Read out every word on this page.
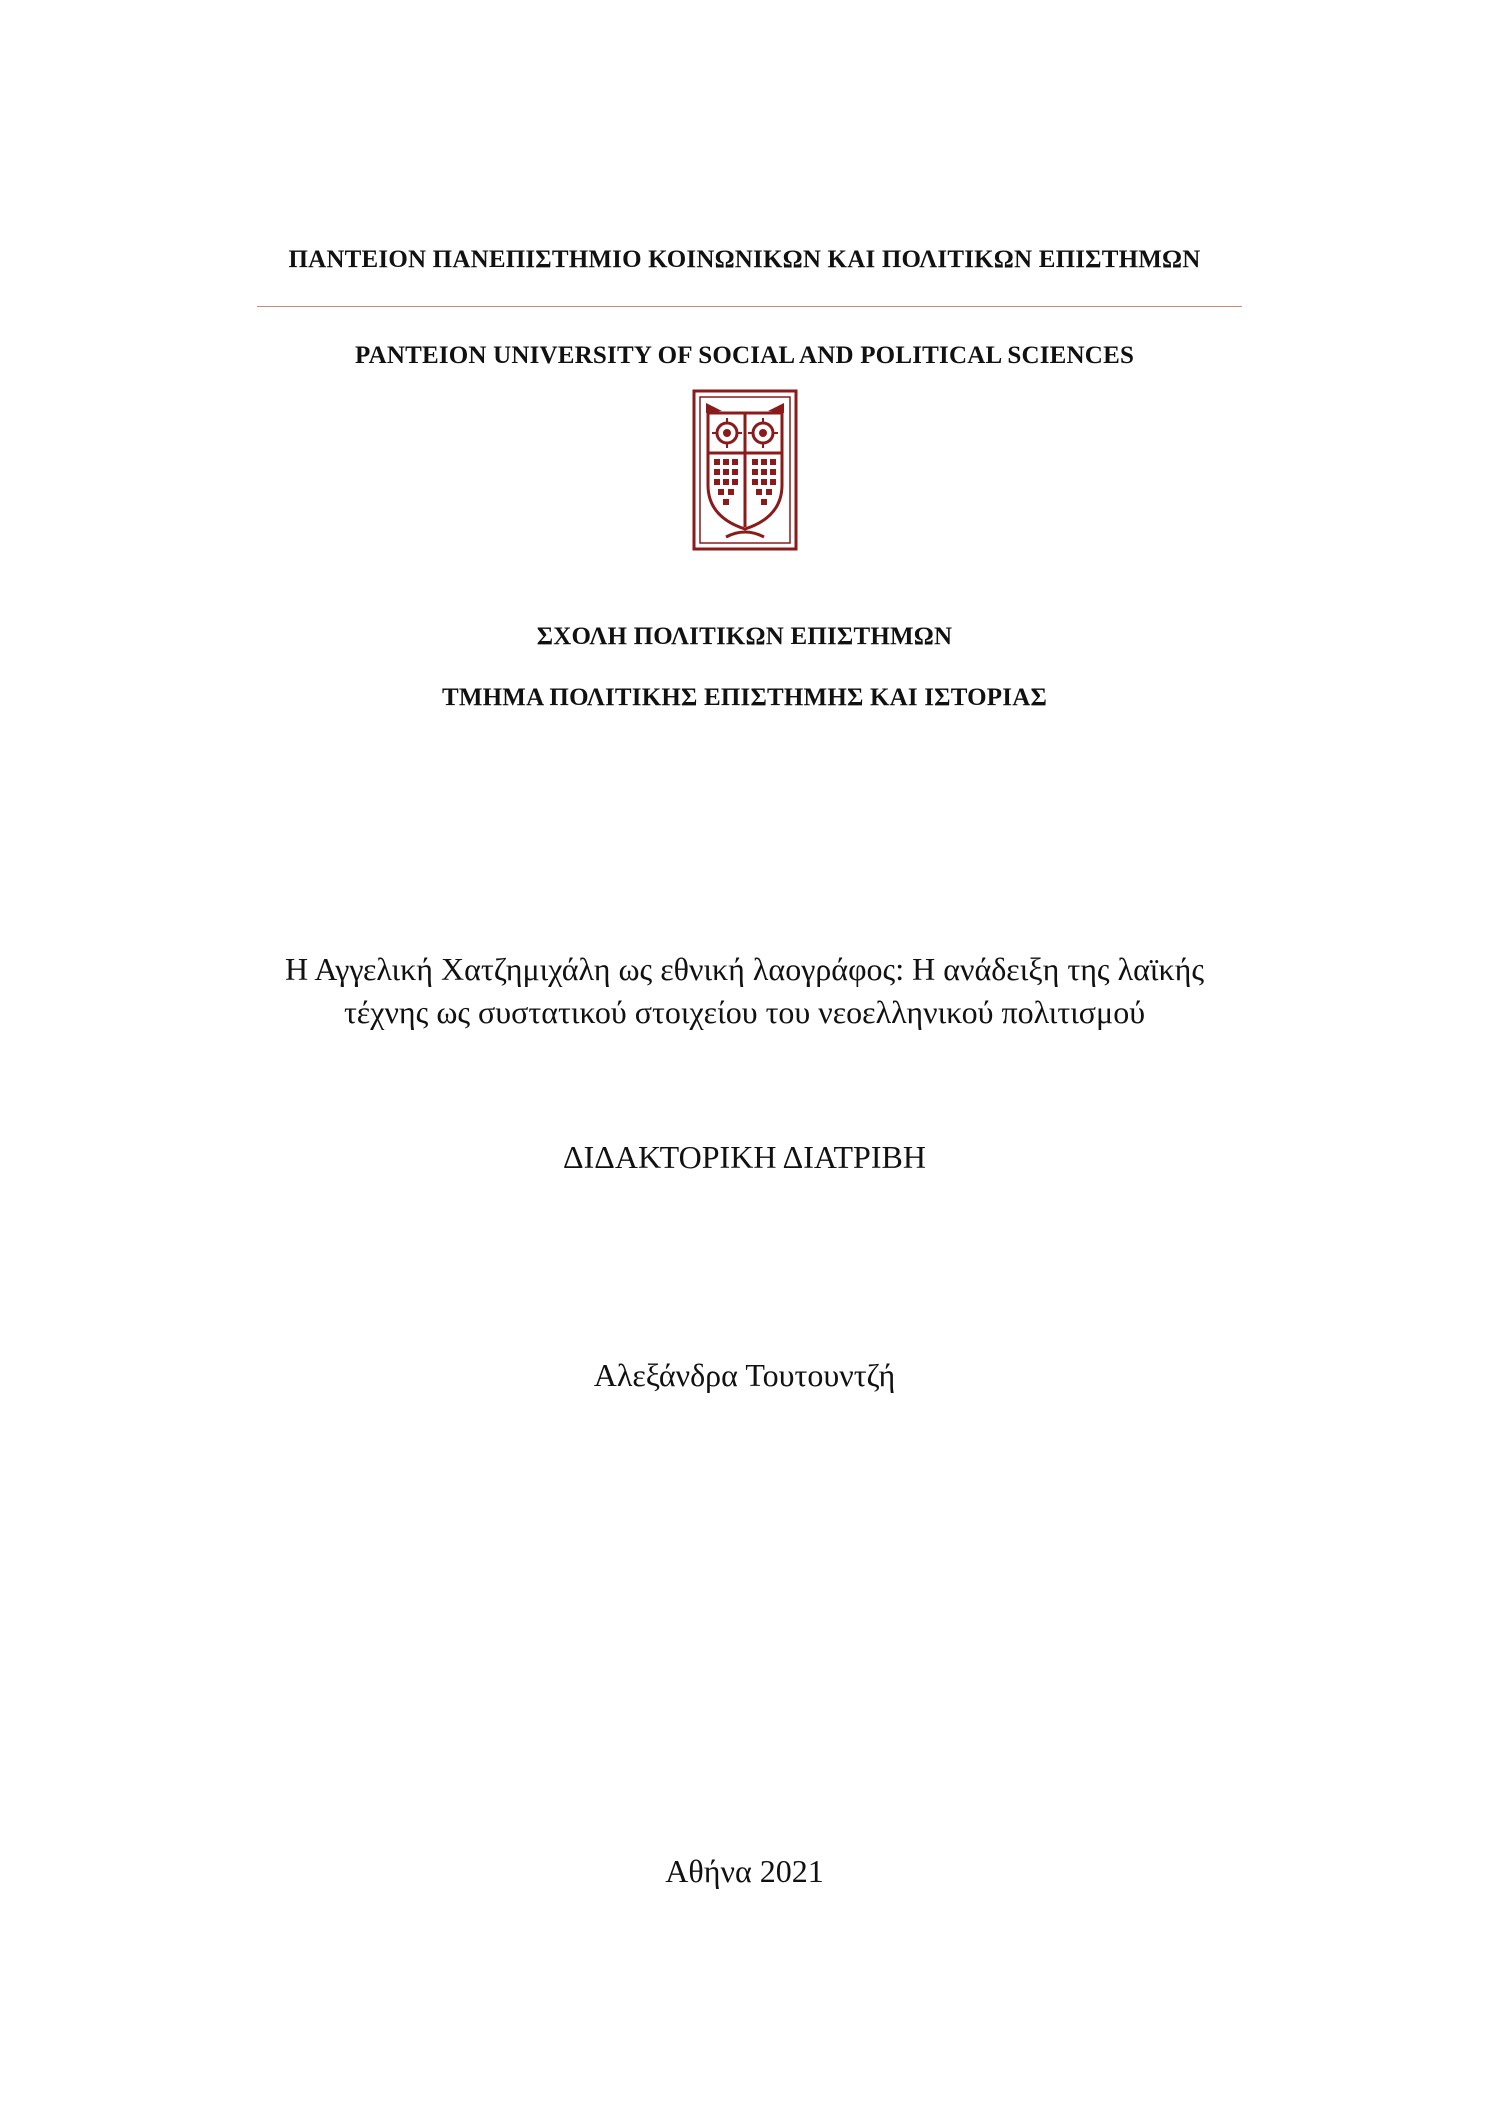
ΠΑΝΤΕΙΟΝ ΠΑΝΕΠΙΣΤΗΜΙΟ ΚΟΙΝΩΝΙΚΩΝ ΚΑΙ ΠΟΛΙΤΙΚΩΝ ΕΠΙΣΤΗΜΩΝ
PANTEION UNIVERSITY OF SOCIAL AND POLITICAL SCIENCES
ΣΧΟΛΗ ΠΟΛΙΤΙΚΩΝ ΕΠΙΣΤΗΜΩΝ
ΤΜΗΜΑ ΠΟΛΙΤΙΚΗΣ ΕΠΙΣΤΗΜΗΣ ΚΑΙ ΙΣΤΟΡΙΑΣ
Η Αγγελική Χατζημιχάλη ως εθνική λαογράφος: Η ανάδειξη της λαϊκής
τέχνης ως συστατικού στοιχείου του νεοελληνικού πολιτισμού
ΔΙΔΑΚΤΟΡΙΚΗ ΔΙΑΤΡΙΒΗ
Αλεξάνδρα Τουτουντζή
Αθήνα 2021
